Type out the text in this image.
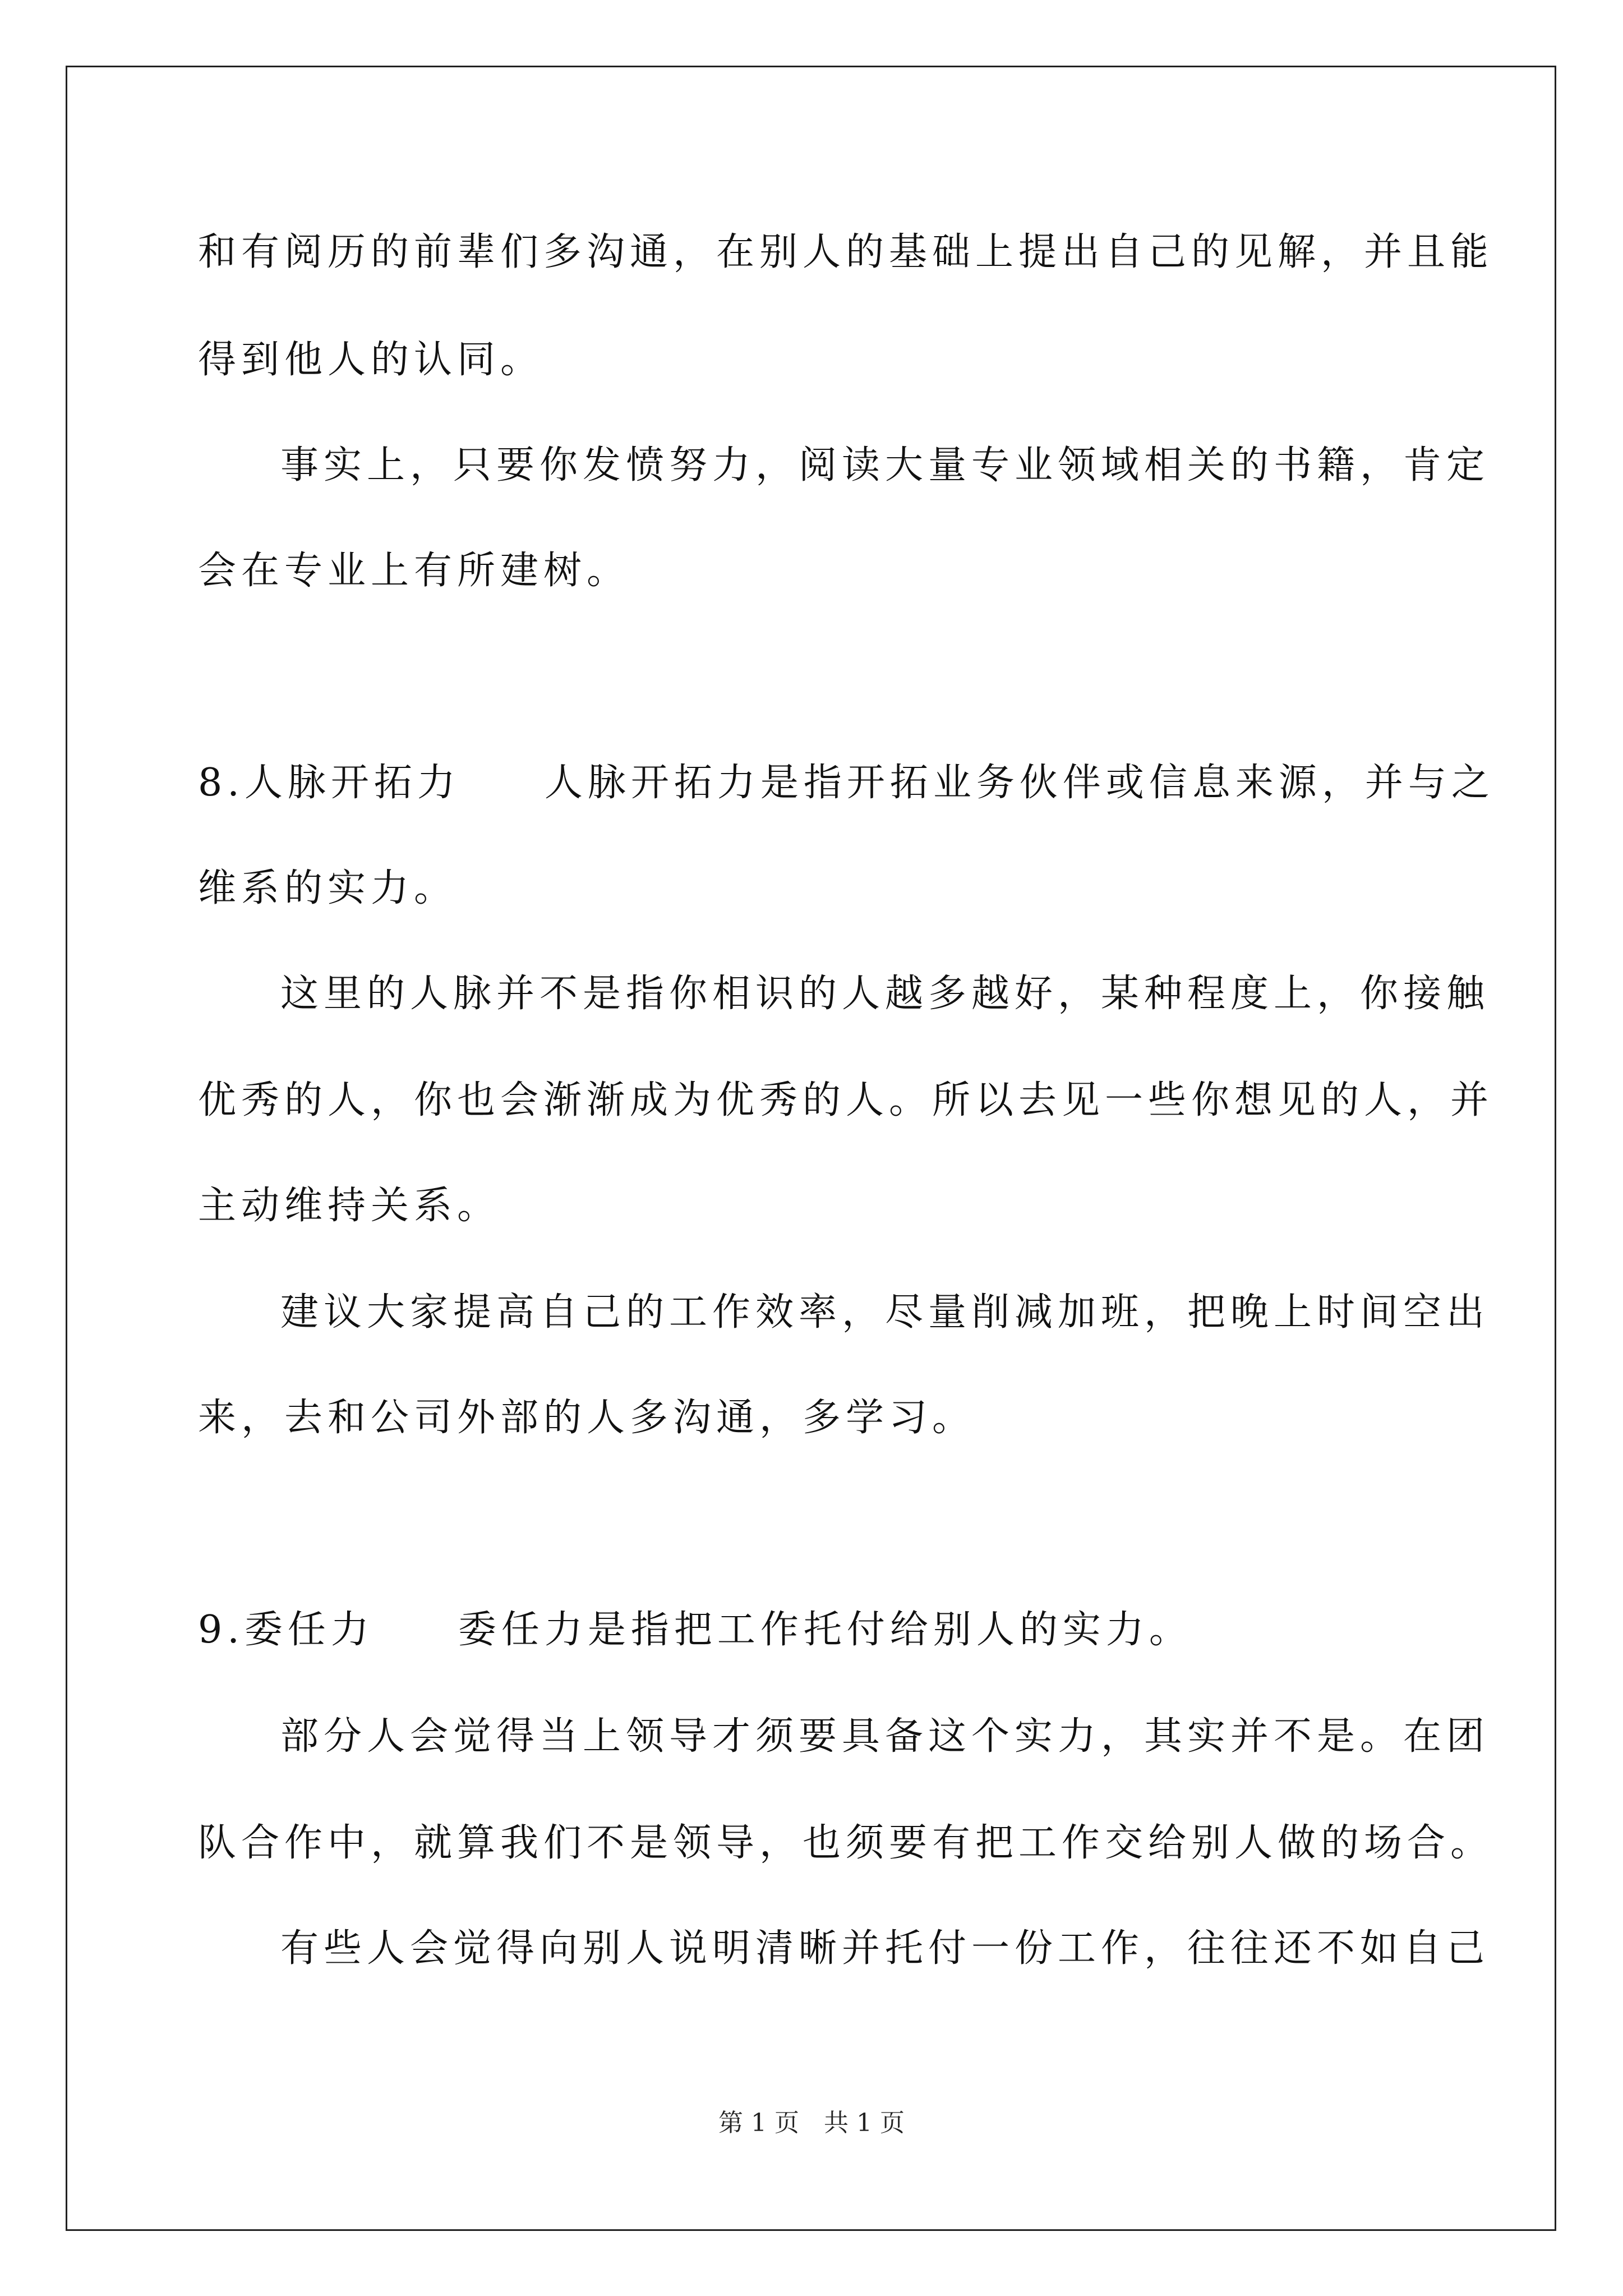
和有阅历的前辈们多沟通，在别人的基础上提出自己的见解，并且能
得到他人的认同。
事实上，只要你发愤努力，阅读大量专业领域相关的书籍，肯定
会在专业上有所建树。
8.人脉开拓力 人脉开拓力是指开拓业务伙伴或信息来源，并与之
维系的实力。
这里的人脉并不是指你相识的人越多越好，某种程度上，你接触
优秀的人，你也会渐渐成为优秀的人。所以去见一些你想见的人，并
主动维持关系。
建议大家提高自己的工作效率，尽量削减加班，把晚上时间空出
来，去和公司外部的人多沟通，多学习。
9.委任力 委任力是指把工作托付给别人的实力。
部分人会觉得当上领导才须要具备这个实力，其实并不是。在团
队合作中，就算我们不是领导，也须要有把工作交给别人做的场合。
有些人会觉得向别人说明清晰并托付一份工作，往往还不如自己
第 1 页 共 1 页
